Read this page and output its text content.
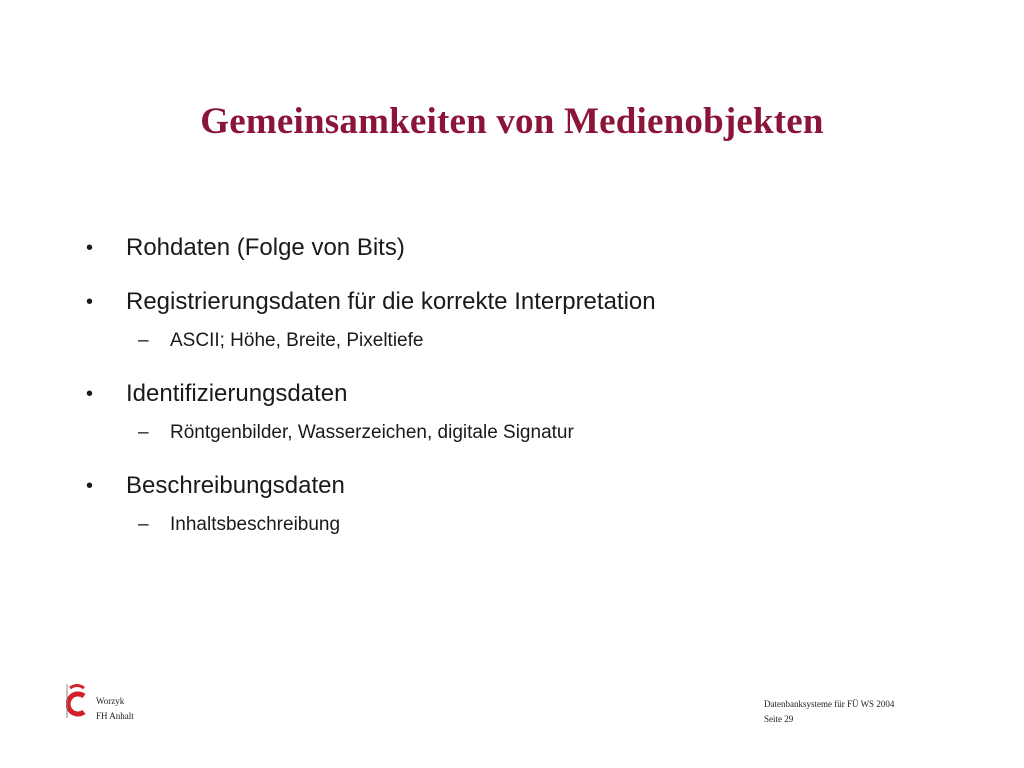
Gemeinsamkeiten von Medienobjekten
•	Rohdaten (Folge von Bits)
•	Registrierungsdaten für die korrekte Interpretation
– ASCII; Höhe, Breite, Pixeltiefe
•	Identifizierungsdaten
– Röntgenbilder, Wasserzeichen, digitale Signatur
•	Beschreibungsdaten
– Inhaltsbeschreibung
Worzyk
FH Anhalt
Datenbanksysteme für FÜ WS 2004
Seite 29
